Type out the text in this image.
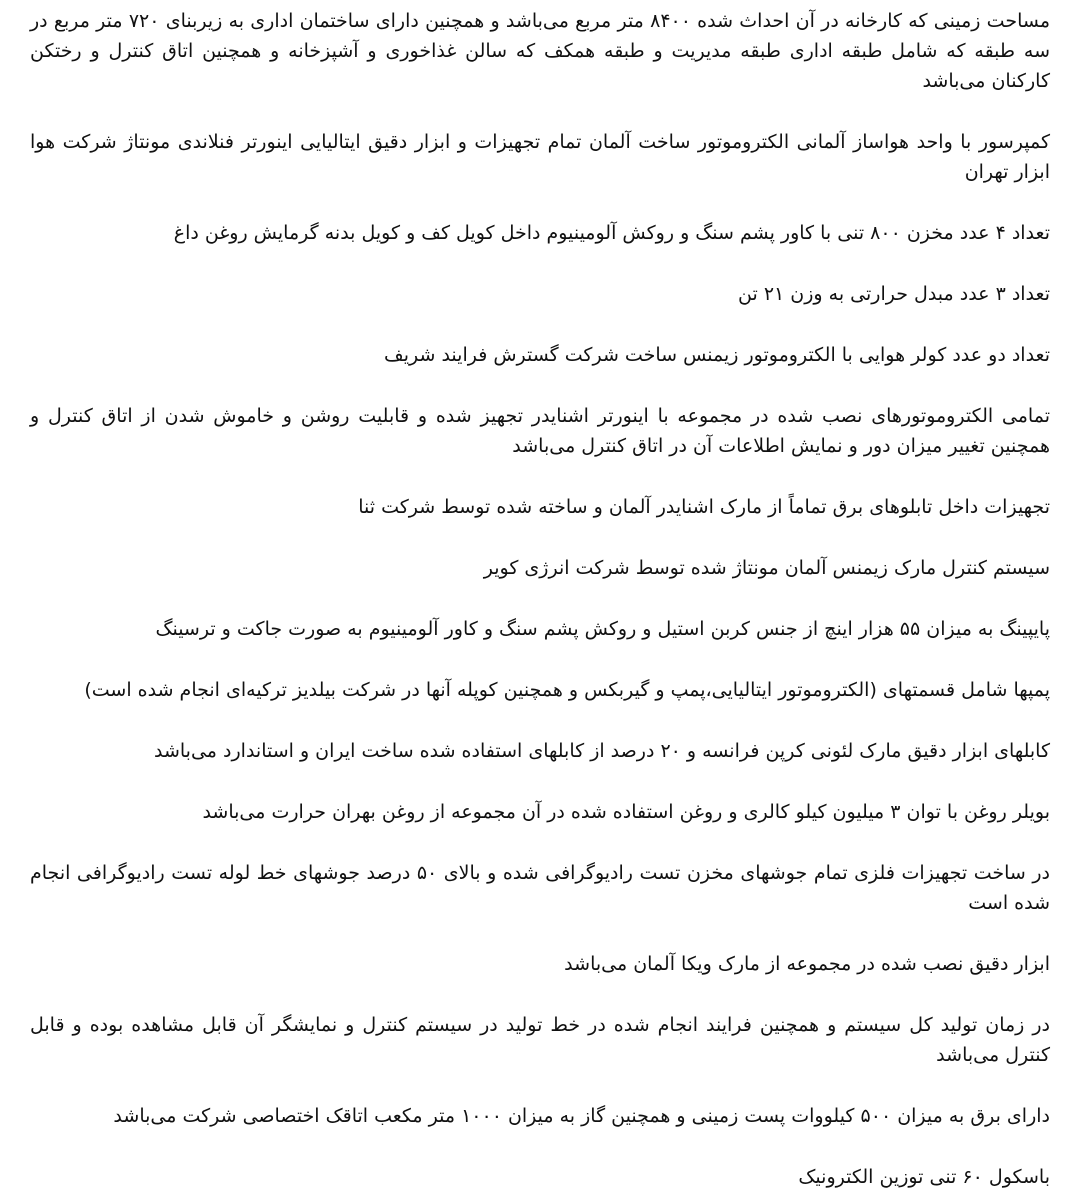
مساحت زمینی که کارخانه در آن احداث شده ۸۴۰۰ متر مربع می‌باشد و همچنین دارای ساختمان اداری به زیربنای ۷۲۰ متر مربع در سه طبقه که شامل طبقه اداری طبقه مدیریت و طبقه همکف که سالن غذاخوری و آشپزخانه و همچنین اتاق کنترل و رختکن کارکنان می‌باشد

کمپرسور با واحد هواساز آلمانی الکتروموتور ساخت آلمان تمام تجهیزات و ابزار دقیق ایتالیایی اینورتر فنلاندی مونتاژ شرکت هوا ابزار تهران

تعداد ۴ عدد مخزن ۸۰۰ تنی با کاور پشم سنگ و روکش آلومینیوم داخل کویل کف و کویل بدنه گرمایش روغن داغ

تعداد ۳ عدد مبدل حرارتی به وزن ۲۱ تن

تعداد دو عدد کولر هوایی با الکتروموتور زیمنس ساخت شرکت گسترش فرایند شریف

تمامی الکتروموتورهای نصب شده در مجموعه با اینورتر اشنایدر تجهیز شده و قابلیت روشن و خاموش شدن از اتاق کنترل و همچنین تغییر میزان دور و نمایش اطلاعات آن در اتاق کنترل می‌باشد

تجهیزات داخل تابلوهای برق تماماً از مارک اشنایدر آلمان و ساخته شده توسط شرکت ثنا

سیستم کنترل مارک زیمنس آلمان مونتاژ شده توسط شرکت انرژی کویر

پایپینگ به میزان ۵۵ هزار اینچ از جنس کربن استیل و روکش پشم سنگ و کاور آلومینیوم به صورت جاکت و ترسینگ

پمپها شامل قسمتهای (الکتروموتور ایتالیایی،پمپ و گیربکس و همچنین کوپله آنها در شرکت بیلدیز ترکیه‌ای انجام شده است)

کابلهای ابزار دقیق مارک لئونی کرپن فرانسه و ۲۰ درصد از کابلهای استفاده شده ساخت ایران و استاندارد می‌باشد

بویلر روغن با توان ۳ میلیون کیلو کالری و روغن استفاده شده در آن مجموعه از روغن بهران حرارت می‌باشد

در ساخت تجهیزات فلزی تمام جوشهای مخزن تست رادیوگرافی شده و بالای ۵۰ درصد جوشهای خط لوله تست رادیوگرافی انجام شده است

ابزار دقیق نصب شده در مجموعه از مارک ویکا آلمان می‌باشد

در زمان تولید کل سیستم و همچنین فرایند انجام شده در خط تولید در سیستم کنترل و نمایشگر آن قابل مشاهده بوده و قابل کنترل می‌باشد

دارای برق به میزان ۵۰۰ کیلووات پست زمینی و همچنین گاز به میزان ۱۰۰۰ متر مکعب اتاقک اختصاصی شرکت می‌باشد

باسکول ۶۰ تنی توزین الکترونیک
